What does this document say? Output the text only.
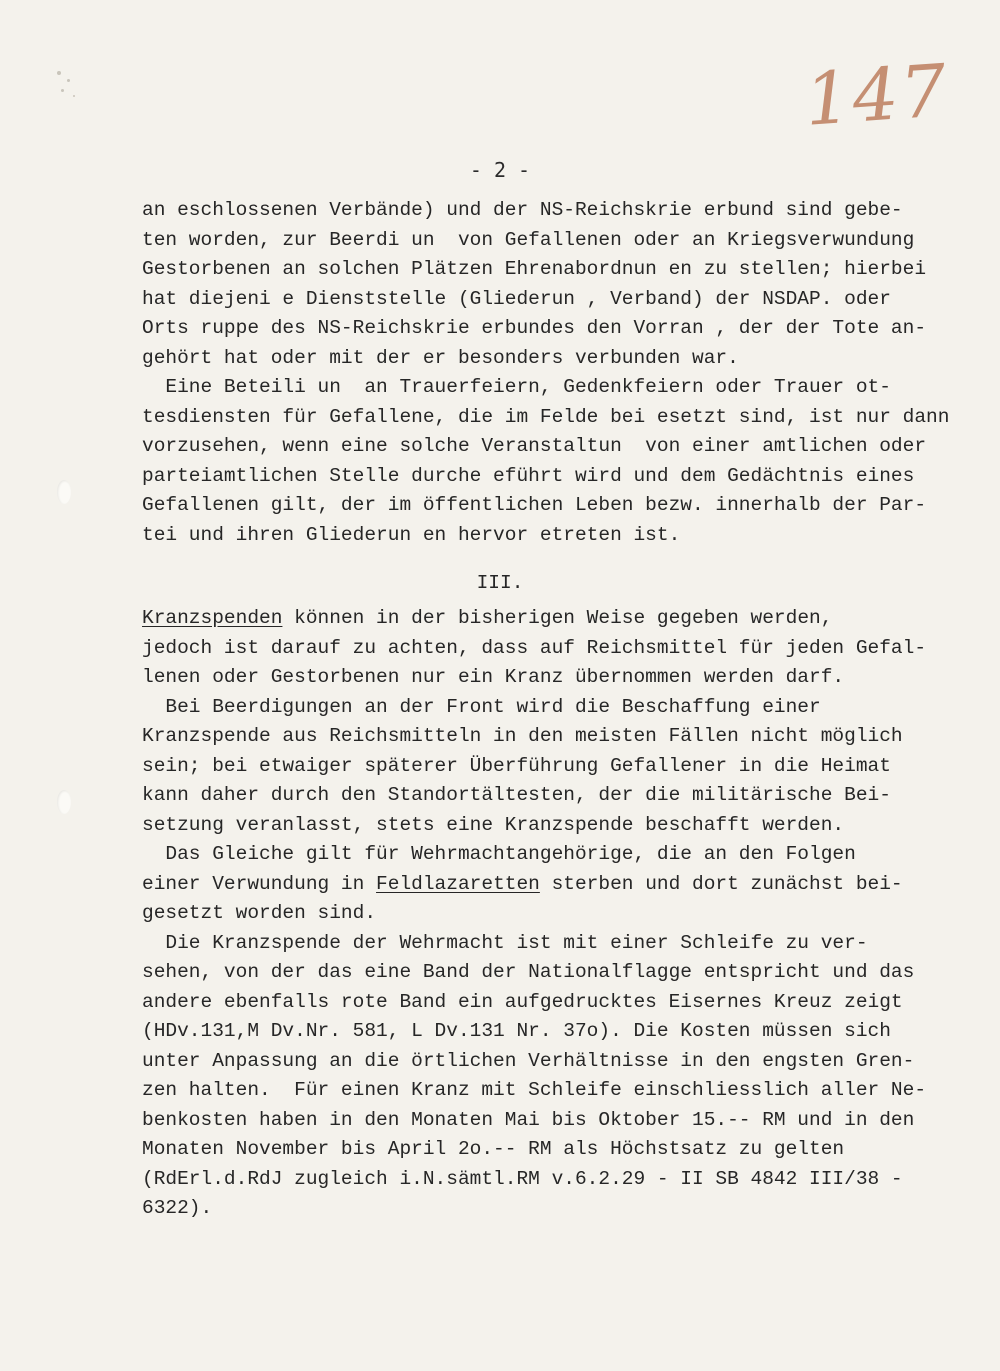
147
- 2 -
an eschlossenen Verbände) und der NS-Reichskrie erbund sind gebe-
ten worden, zur Beerdi un  von Gefallenen oder an Kriegsverwundung
Gestorbenen an solchen Plätzen Ehrenabordnun en zu stellen; hierbei
hat diejeni e Dienststelle (Gliederun , Verband) der NSDAP. oder
Orts ruppe des NS-Reichskrie erbundes den Vorran , der der Tote an-
gehört hat oder mit der er besonders verbunden war.
Eine Beteili un  an Trauerfeiern, Gedenkfeiern oder Trauer ot-
tesdiensten für Gefallene, die im Felde bei esetzt sind, ist nur dann
vorzusehen, wenn eine solche Veranstaltun  von einer amtlichen oder
parteiamtlichen Stelle durche eführt wird und dem Gedächtnis eines
Gefallenen gilt, der im öffentlichen Leben bezw. innerhalb der Par-
tei und ihren Gliederun en hervor etreten ist.
III.
Kranzspenden können in der bisherigen Weise gegeben werden,
jedoch ist darauf zu achten, dass auf Reichsmittel für jeden Gefal-
lenen oder Gestorbenen nur ein Kranz übernommen werden darf.
Bei Beerdigungen an der Front wird die Beschaffung einer
Kranzspende aus Reichsmitteln in den meisten Fällen nicht möglich
sein; bei etwaiger späterer Überführung Gefallener in die Heimat
kann daher durch den Standortältesten, der die militärische Bei-
setzung veranlasst, stets eine Kranzspende beschafft werden.
Das Gleiche gilt für Wehrmachtangehörige, die an den Folgen
einer Verwundung in Feldlazaretten sterben und dort zunächst bei-
gesetzt worden sind.
Die Kranzspende der Wehrmacht ist mit einer Schleife zu ver-
sehen, von der das eine Band der Nationalflagge entspricht und das
andere ebenfalls rote Band ein aufgedrucktes Eisernes Kreuz zeigt
(HDv.131,M Dv.Nr. 581, L Dv.131 Nr. 37o). Die Kosten müssen sich
unter Anpassung an die örtlichen Verhältnisse in den engsten Gren-
zen halten.  Für einen Kranz mit Schleife einschliesslich aller Ne-
benkosten haben in den Monaten Mai bis Oktober 15.-- RM und in den
Monaten November bis April 2o.-- RM als Höchstsatz zu gelten
(RdErl.d.RdJ zugleich i.N.sämtl.RM v.6.2.29 - II SB 4842 III/38 -
6322).
